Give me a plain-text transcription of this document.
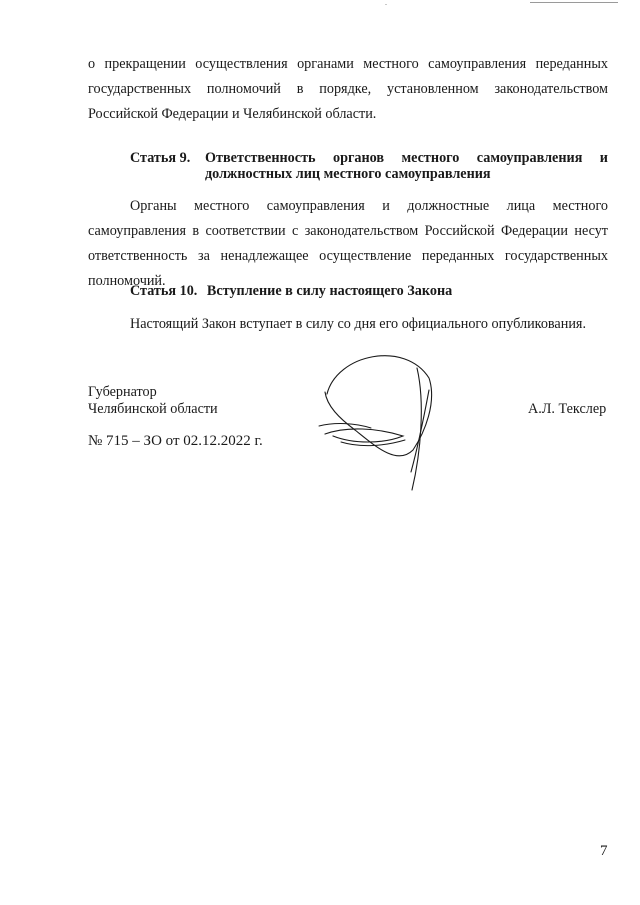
о прекращении осуществления органами местного самоуправления переданных государственных полномочий в порядке, установленном законодательством Российской Федерации и Челябинской области.

Статья 9.	Ответственность органов местного самоуправления и должностных лиц местного самоуправления

Органы местного самоуправления и должностные лица местного самоуправления в соответствии с законодательством Российской Федерации несут ответственность за ненадлежащее осуществление переданных государственных полномочий.

Статья 10. Вступление в силу настоящего Закона

Настоящий Закон вступает в силу со дня его официального опубликования.

Губернатор
Челябинской области	А.Л. Текслер
№ 715 – ЗО от 02.12.2022 г.
7
